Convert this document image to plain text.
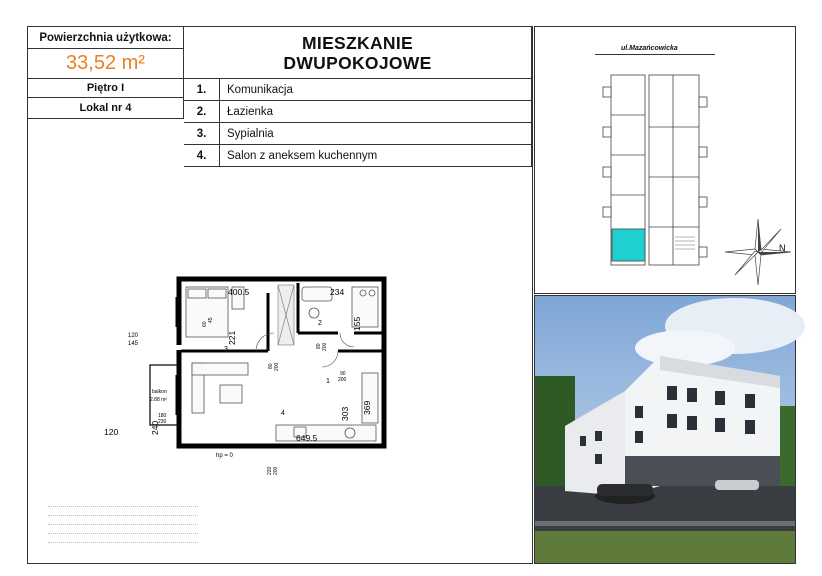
Powierzchnia użytkowa:
33,52 m²
MIESZKANIE
DWUPOKOJOWE
Piętro I
Lokal nr 4
1.	Komunikacja
2.	Łazienka
3.	Sypialnia
4.	Salon z aneksem kuchennym
1
2
3
4
400.5	234
649.5
hp = 0
120
145
120
balkon
2.88 m²
180
230
90
200
221
155
303 369
240
80 200
80 200
60
45
220 200
ul.Mazańcowicka
N
